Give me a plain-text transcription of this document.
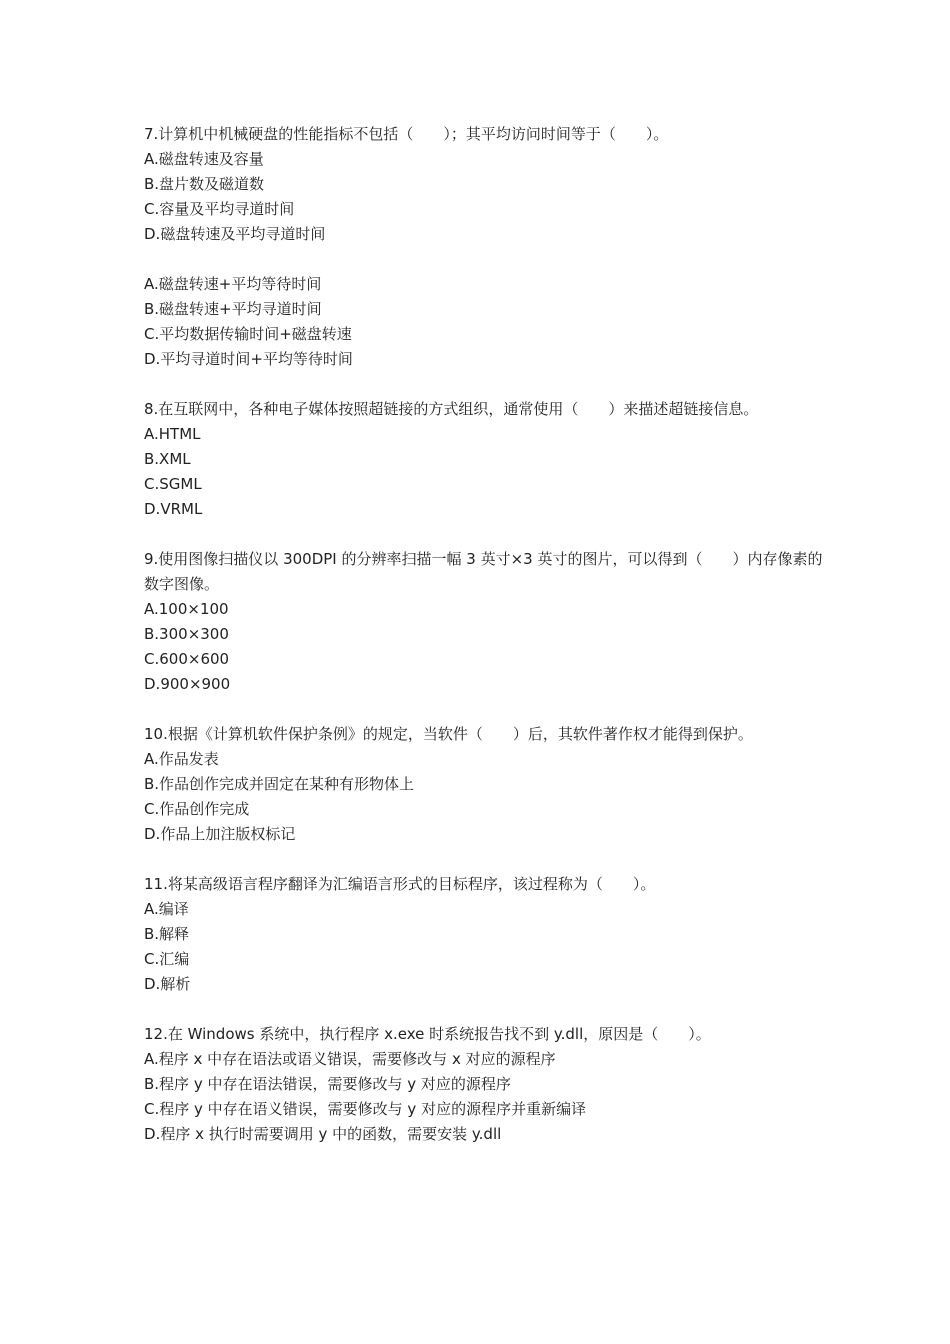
7.计算机中机械硬盘的性能指标不包括（　　）；其平均访问时间等于（　　）。
A.磁盘转速及容量
B.盘片数及磁道数
C.容量及平均寻道时间
D.磁盘转速及平均寻道时间
A.磁盘转速+平均等待时间
B.磁盘转速+平均寻道时间
C.平均数据传输时间+磁盘转速
D.平均寻道时间+平均等待时间
8.在互联网中，各种电子媒体按照超链接的方式组织，通常使用（　　）来描述超链接信息。
A.HTML
B.XML
C.SGML
D.VRML
9.使用图像扫描仪以 300DPI 的分辨率扫描一幅 3 英寸×3 英寸的图片，可以得到（　　）内存像素的数字图像。
A.100×100
B.300×300
C.600×600
D.900×900
10.根据《计算机软件保护条例》的规定，当软件（　　）后，其软件著作权才能得到保护。
A.作品发表
B.作品创作完成并固定在某种有形物体上
C.作品创作完成
D.作品上加注版权标记
11.将某高级语言程序翻译为汇编语言形式的目标程序，该过程称为（　　）。
A.编译
B.解释
C.汇编
D.解析
12.在 Windows 系统中，执行程序 x.exe 时系统报告找不到 y.dll，原因是（　　）。
A.程序 x 中存在语法或语义错误，需要修改与 x 对应的源程序
B.程序 y 中存在语法错误，需要修改与 y 对应的源程序
C.程序 y 中存在语义错误，需要修改与 y 对应的源程序并重新编译
D.程序 x 执行时需要调用 y 中的函数，需要安装 y.dll
